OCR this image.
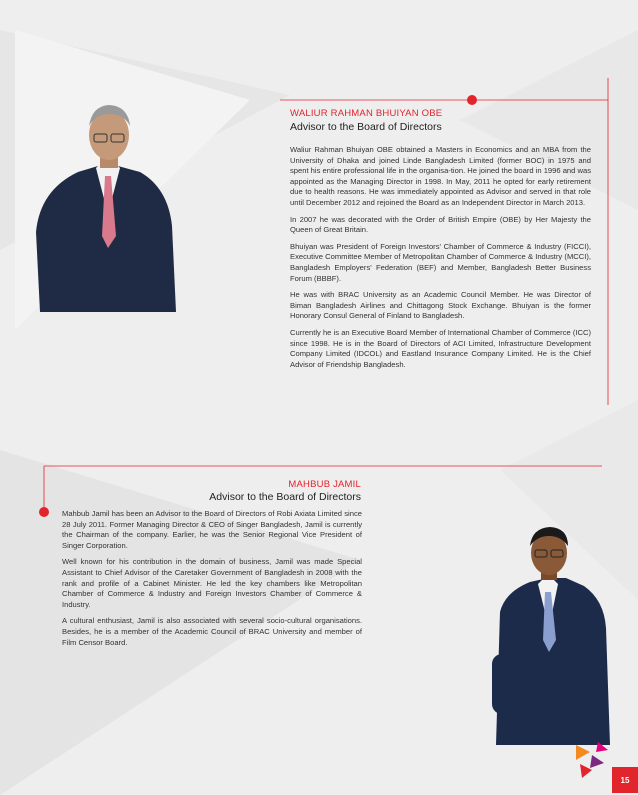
WALIUR RAHMAN BHUIYAN OBE
Advisor to the Board of Directors

Waliur Rahman Bhuiyan OBE obtained a Masters in Economics and an MBA from the University of Dhaka and joined Linde Bangladesh Limited (former BOC) in 1975 and spent his entire professional life in the organisa-tion. He joined the board in 1996 and was appointed as the Managing Director in 1998. In May, 2011 he opted for early retirement due to health reasons. He was immediately appointed as Advisor and served in that role until December 2012 and rejoined the Board as an Independent Director in March 2013.

In 2007 he was decorated with the Order of British Empire (OBE) by Her Majesty the Queen of Great Britain.

Bhuiyan was President of Foreign Investors' Chamber of Commerce & Industry (FICCI), Executive Committee Member of Metropolitan Chamber of Commerce & Industry (MCCI), Bangladesh Employers' Federation (BEF) and Member, Bangladesh Better Business Forum (BBBF).

He was with BRAC University as an Academic Council Member. He was Director of Biman Bangladesh Airlines and Chittagong Stock Exchange. Bhuiyan is the former Honorary Consul General of Finland to Bangladesh.

Currently he is an Executive Board Member of International Chamber of Commerce (ICC) since 1998. He is in the Board of Directors of ACI Limited, Infrastructure Development Company Limited (IDCOL) and Eastland Insurance Company Limited. He is the Chief Advisor of Friendship Bangladesh.

MAHBUB JAMIL
Advisor to the Board of Directors

Mahbub Jamil has been an Advisor to the Board of Directors of Robi Axiata Limited since 28 July 2011. Former Managing Director & CEO of Singer Bangladesh, Jamil is currently the Chairman of the company. Earlier, he was the Senior Regional Vice President of Singer Corporation.

Well known for his contribution in the domain of business, Jamil was made Special Assistant to Chief Advisor of the Caretaker Government of Bangladesh in 2008 with the rank and profile of a Cabinet Minister. He led the key chambers like Metropolitan Chamber of Commerce & Industry and Foreign Investors Chamber of Commerce & Industry.

A cultural enthusiast, Jamil is also associated with several socio-cultural organisations. Besides, he is a member of the Academic Council of BRAC University and member of Film Censor Board.

15
